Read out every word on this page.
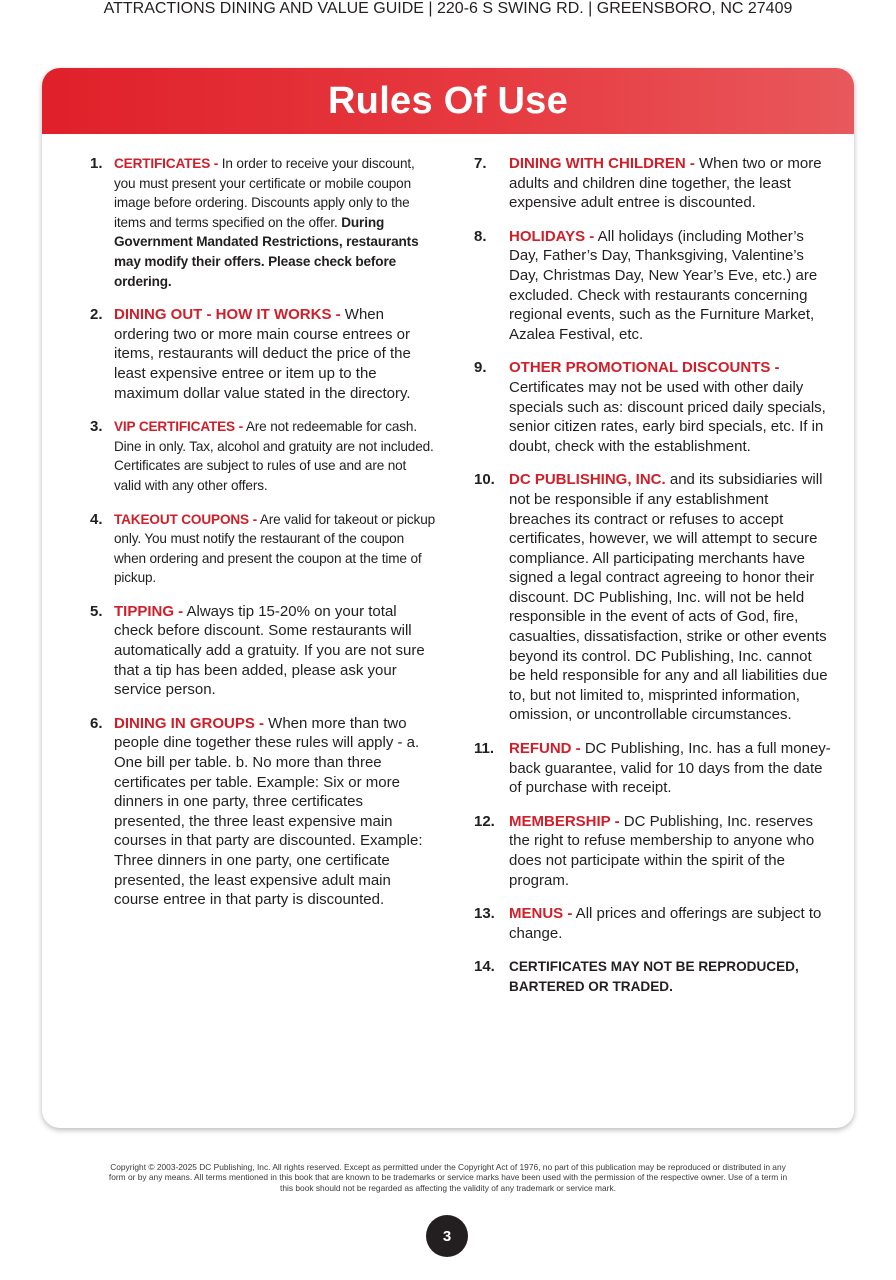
Rules Of Use
1. CERTIFICATES - In order to receive your discount, you must present your certificate or mobile coupon image before ordering. Discounts apply only to the items and terms specified on the offer. During Government Mandated Restrictions, restaurants may modify their offers. Please check before ordering.
2. DINING OUT - HOW IT WORKS - When ordering two or more main course entrees or items, restaurants will deduct the price of the least expensive entree or item up to the maximum dollar value stated in the directory.
3. VIP CERTIFICATES - Are not redeemable for cash. Dine in only. Tax, alcohol and gratuity are not included. Certificates are subject to rules of use and are not valid with any other offers.
4. TAKEOUT COUPONS - Are valid for takeout or pickup only. You must notify the restaurant of the coupon when ordering and present the coupon at the time of pickup.
5. TIPPING - Always tip 15-20% on your total check before discount. Some restaurants will automatically add a gratuity. If you are not sure that a tip has been added, please ask your service person.
6. DINING IN GROUPS - When more than two people dine together these rules will apply - a. One bill per table. b. No more than three certificates per table. Example: Six or more dinners in one party, three certificates presented, the three least expensive main courses in that party are discounted. Example: Three dinners in one party, one certificate presented, the least expensive adult main course entree in that party is discounted.
7.	DINING WITH CHILDREN - When two or more adults and children dine together, the least expensive adult entree is discounted.
8.	HOLIDAYS - All holidays (including Mother’s Day, Father’s Day, Thanksgiving, Valentine’s Day, Christmas Day, New Year’s Eve, etc.) are excluded. Check with restaurants concerning regional events, such as the Furniture Market, Azalea Festival, etc.
9.	OTHER PROMOTIONAL DISCOUNTS - Certificates may not be used with other daily specials such as: discount priced daily specials, senior citizen rates, early bird specials, etc. If in doubt, check with the establishment.
10. DC PUBLISHING, INC. and its subsidiaries will not be responsible if any establishment breaches its contract or refuses to accept certificates, however, we will attempt to secure compliance. All participating merchants have signed a legal contract agreeing to honor their discount. DC Publishing, Inc. will not be held responsible in the event of acts of God, fire, casualties, dissatisfaction, strike or other events beyond its control. DC Publishing, Inc. cannot be held responsible for any and all liabilities due to, but not limited to, misprinted information, omission, or uncontrollable circumstances.
11. REFUND - DC Publishing, Inc. has a full money-back guarantee, valid for 10 days from the date of purchase with receipt.
12. MEMBERSHIP - DC Publishing, Inc. reserves the right to refuse membership to anyone who does not participate within the spirit of the program.
13. MENUS - All prices and offerings are subject to change.
14.	CERTIFICATES MAY NOT BE REPRODUCED, BARTERED OR TRADED.
ATTRACTIONS DINING AND VALUE GUIDE | 220-6 S SWING RD. | GREENSBORO, NC 27409
Copyright © 2003-2025 DC Publishing, Inc. All rights reserved. Except as permitted under the Copyright Act of 1976, no part of this publication may be reproduced or distributed in any form or by any means. All terms mentioned in this book that are known to be trademarks or service marks have been used with the permission of the respective owner. Use of a term in this book should not be regarded as affecting the validity of any trademark or service mark.
3
